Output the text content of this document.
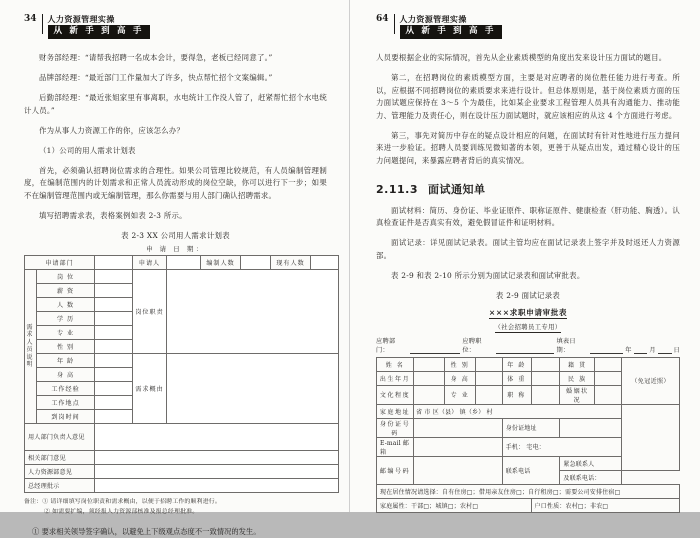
34	人力资源管理实操
从 新 手 到 高 手

财务部经理：“请帮我招聘一名成本会计，要得急，老板已经同意了。”

品牌部经理：“最近部门工作量加大了许多，快点帮忙招个文案编辑。”

后勤部经理：“最近张姐家里有事离职，水电统计工作没人管了，赶紧帮忙招个水电统计人员。”

作为从事人力资源工作的你，应该怎么办？

（1）公司的用人需求计划表

首先，必须确认招聘岗位需求的合理性。如果公司管理比较规范，有人员编制管理制度，在编制范围内的计划需求和正常人员流动形成的岗位空缺，你可以进行下一步；如果不在编制管理范围内或无编制管理，那么你需要与用人部门确认招聘需求。

填写招聘需求表，表格案例如表 2-3 所示。

表 2-3 XX 公司用人需求计划表
申 请 日 期：
申请部门			申请人		编制人数		现有人数	
需求人员说明	岗 位		岗位职责					
	薪 资							
	人 数							
	学 历							
	专 业							
	性 别							
	年 龄		需求概由					
	身 高							
	工作经验							
	工作地点							
	到岗时间							
用人部门负责人意见								
相关部门意见								
人力资源部意见								
总经理批示								
备注：① 请详细填写岗位职责和需求概由，以便于招聘工作的顺利进行。
② 如需要扩编，须经报人力资源部核准及报总经理批准。
① 要求相关领导签字确认，以避免上下级观点态度不一致情况的发生。
64	人力资源管理实操
从 新 手 到 高 手

人员要根据企业的实际情况，首先从企业素质模型的角度出发来设计压力面试的题目。

第二，在招聘岗位的素质模型方面，主要是对应聘者的岗位胜任能力进行考查。所以，应根据不同招聘岗位的素质要求来进行设计。但总体原则是，基于岗位素质方面的压力面试题应保持在 3～5 个为最佳，比如某企业要求工程管理人员具有沟通能力、推动能力、管理能力及责任心，则在设计压力面试题时，就应该相应的从这 4 个方面进行考虑。

第三，事先对简历中存在的疑点设计相应的问题，在面试时有针对性地进行压力提问来进一步验证。招聘人员要训练见微知著的本领，更善于从疑点出发，通过精心设计的压力问题提问，来暴露应聘者背后的真实情况。

2.11.3 面试通知单

面试材料：简历、身份证、毕业证原件、职称证原件、健康检查（肝功能、胸透）。认真检查证件是否真实有效，避免假冒证件和证明材料。

面试记录：详见面试记录表。面试主管均应在面试记录表上签字并及时返还人力资源部。

表 2-9 和表 2-10 所示分别为面试记录表和面试审批表。

表 2-9 面试记录表
×××求职申请审批表
（社会招聘员工专用）
应聘部门：
应聘职位：
填表日期：	年	月	日
姓 名		性 别		年 龄		籍 贯		（免冠近照）
出生年月		身 高		体 重		民 族		
文化程度		专 业		职 称		婚姻状况		
家庭地址	省 市 区（县） 镇（乡） 村							
身份证号码				身份证地址				
E-mail 邮箱				手机： 宅电：				
邮编号码				联系电话		紧急联系人		
						及联系电话：		
现在居住情况请选择：自有住房□；借用亲友住房□；自行租房□；需要公司安排住宿□								
家庭属性：干部□；城镇□；农村□					户口性质：农村□；非农□			
